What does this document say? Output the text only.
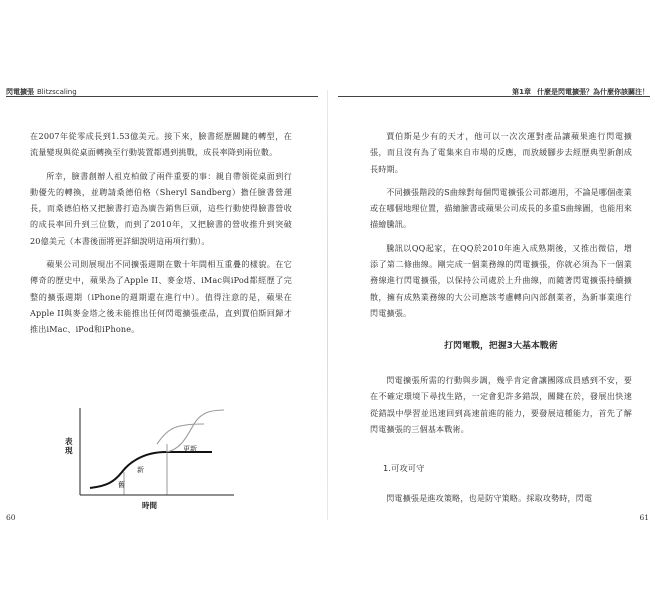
閃電擴張 Blitzscaling	第1章 什麼是閃電擴張？為什麼你該關注！

在2007年從零成長到1.53億美元。接下來，臉書經歷關鍵的轉型，在流量變現與從桌面轉換至行動裝置都遇到挑戰，成長率降到兩位數。

所幸，臉書創辦人祖克柏做了兩件重要的事：親自帶領從桌面到行動優先的轉換，並聘請桑德伯格（Sheryl Sandberg）擔任臉書營運長，而桑德伯格又把臉書打造為廣告銷售巨頭，這些行動使得臉書營收的成長率回升到三位數，而到了2010年，又把臉書的營收推升到突破20億美元（本書後面將更詳細說明這兩項行動）。

蘋果公司則展現出不同擴張週期在數十年間相互重疊的樣貌。在它傳奇的歷史中，蘋果為了Apple II、麥金塔、iMac與iPod都經歷了完整的擴張週期（iPhone的週期還在進行中）。值得注意的是，蘋果在Apple II與麥金塔之後未能推出任何閃電擴張產品，直到賈伯斯回歸才推出iMac、iPod和iPhone。

表現
時間
更新
舊
新
60

賈伯斯是少有的天才，他可以一次次運對產品讓蘋果進行閃電擴張，而且沒有為了電集來自市場的反應，而放緩腳步去經歷典型新創成長時期。

不同擴張階段的S曲線對每個閃電擴張公司都適用，不論是哪個產業或在哪個地理位置，描繪臉書或蘋果公司成長的多重S曲線圖，也能用來描繪騰訊。

騰訊以QQ起家，在QQ於2010年進入成熟期後，又推出微信，增添了第二條曲線。剛完成一個業務線的閃電擴張，你就必須為下一個業務線進行閃電擴張，以保持公司處於上升曲線，而隨著閃電擴張持續擴散，擁有成熟業務線的大公司應該考慮轉向內部創業者，為新事業進行閃電擴張。

打閃電戰，把握3大基本戰術

閃電擴張所需的行動與步調，幾乎肯定會讓團隊成員感到不安，要在不確定環境下尋找生路，一定會犯許多錯誤，關鍵在於，發展出快速從錯誤中學習並迅速回到高速前進的能力，要發展這種能力，首先了解閃電擴張的三個基本戰術。

1.可攻可守

閃電擴張是進攻策略，也是防守策略。採取攻勢時，閃電

61
